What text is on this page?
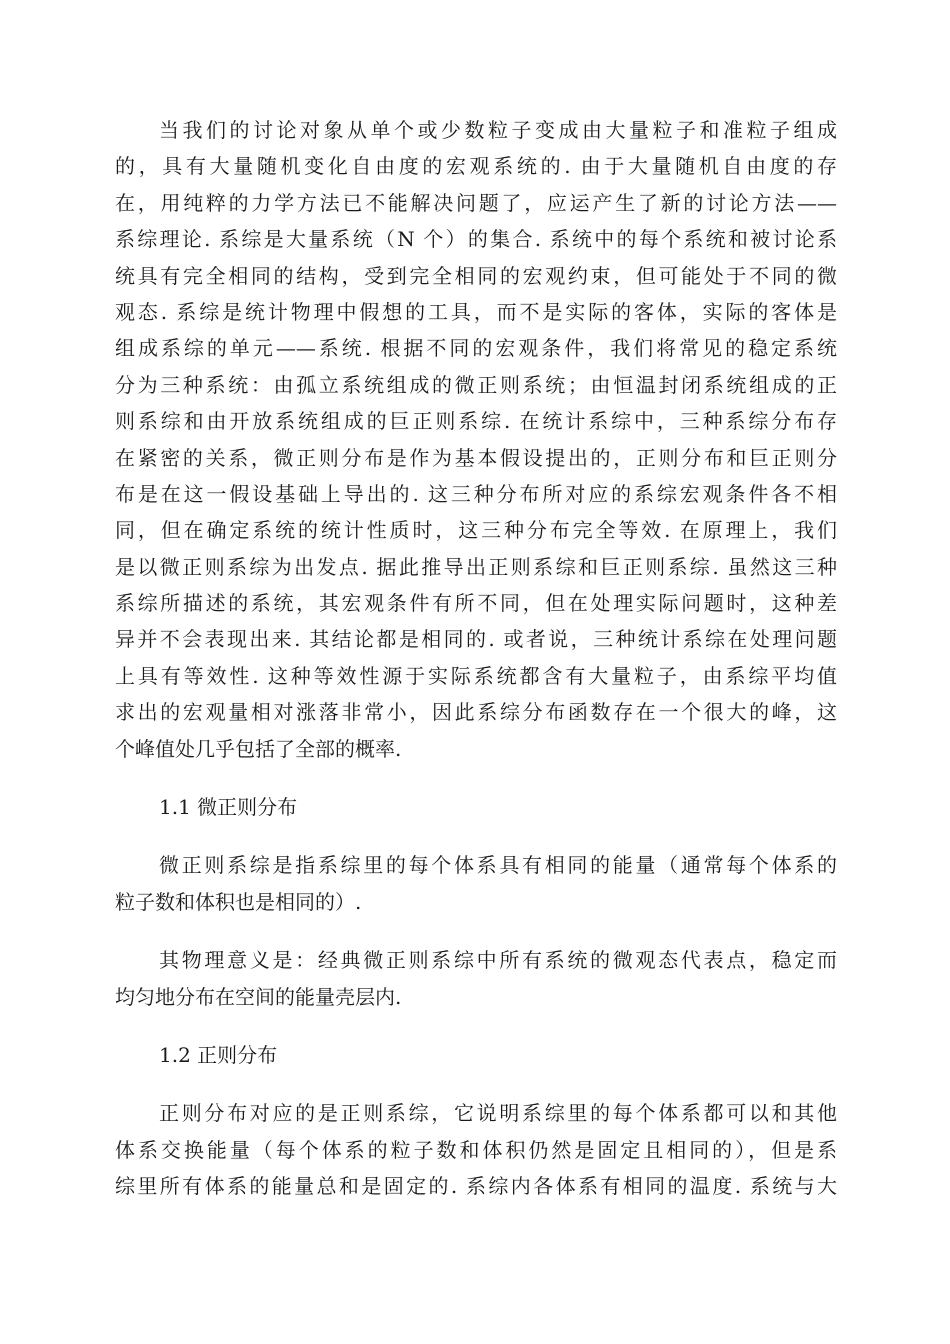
当我们的讨论对象从单个或少数粒子变成由大量粒子和准粒子组成
的，具有大量随机变化自由度的宏观系统的. 由于大量随机自由度的存
在，用纯粹的力学方法已不能解决问题了，应运产生了新的讨论方法——
系综理论. 系综是大量系统（N 个）的集合. 系统中的每个系统和被讨论系
统具有完全相同的结构，受到完全相同的宏观约束，但可能处于不同的微
观态. 系综是统计物理中假想的工具，而不是实际的客体，实际的客体是
组成系综的单元——系统. 根据不同的宏观条件，我们将常见的稳定系统
分为三种系统：由孤立系统组成的微正则系统；由恒温封闭系统组成的正
则系综和由开放系统组成的巨正则系综. 在统计系综中，三种系综分布存
在紧密的关系，微正则分布是作为基本假设提出的，正则分布和巨正则分
布是在这一假设基础上导出的. 这三种分布所对应的系综宏观条件各不相
同，但在确定系统的统计性质时，这三种分布完全等效. 在原理上，我们
是以微正则系综为出发点. 据此推导出正则系综和巨正则系综. 虽然这三种
系综所描述的系统，其宏观条件有所不同，但在处理实际问题时，这种差
异并不会表现出来. 其结论都是相同的. 或者说，三种统计系综在处理问题
上具有等效性. 这种等效性源于实际系统都含有大量粒子，由系综平均值
求出的宏观量相对涨落非常小，因此系综分布函数存在一个很大的峰，这
个峰值处几乎包括了全部的概率.
1.1 微正则分布
微正则系综是指系综里的每个体系具有相同的能量（通常每个体系的
粒子数和体积也是相同的）.
其物理意义是：经典微正则系综中所有系统的微观态代表点，稳定而
均匀地分布在空间的能量壳层内.
1.2 正则分布
正则分布对应的是正则系综，它说明系综里的每个体系都可以和其他
体系交换能量（每个体系的粒子数和体积仍然是固定且相同的），但是系
综里所有体系的能量总和是固定的. 系综内各体系有相同的温度. 系统与大
